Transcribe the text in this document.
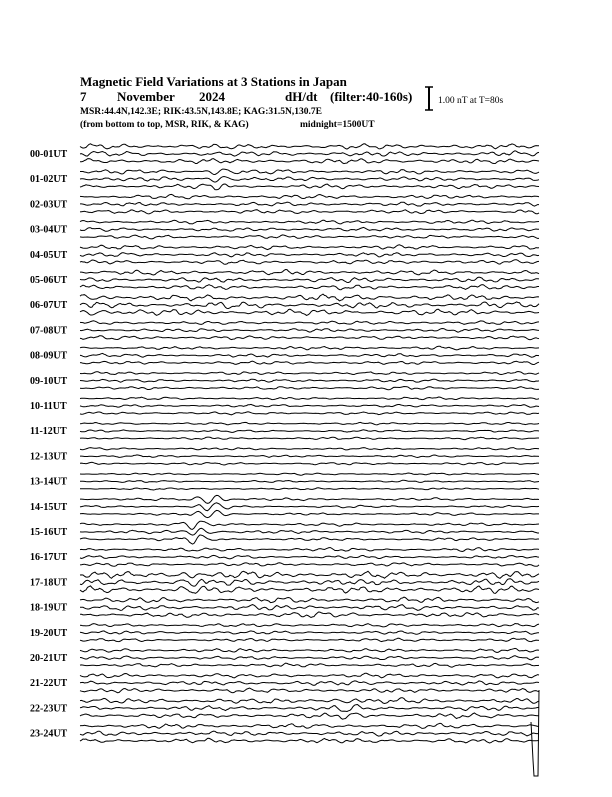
Magnetic Field Variations at 3 Stations in Japan
7 November 2024	dH/dt (filter:40-160s)
MSR:44.4N,142.3E; RIK:43.5N,143.8E; KAG:31.5N,130.7E
(from bottom to top, MSR, RIK, & KAG)	midnight=1500UT
1.00 nT at T=80s
00-01UT
01-02UT
02-03UT
03-04UT
04-05UT
05-06UT
06-07UT
07-08UT
08-09UT
09-10UT
10-11UT
11-12UT
12-13UT
13-14UT
14-15UT
15-16UT
16-17UT
17-18UT
18-19UT
19-20UT
20-21UT
21-22UT
22-23UT
23-24UT
